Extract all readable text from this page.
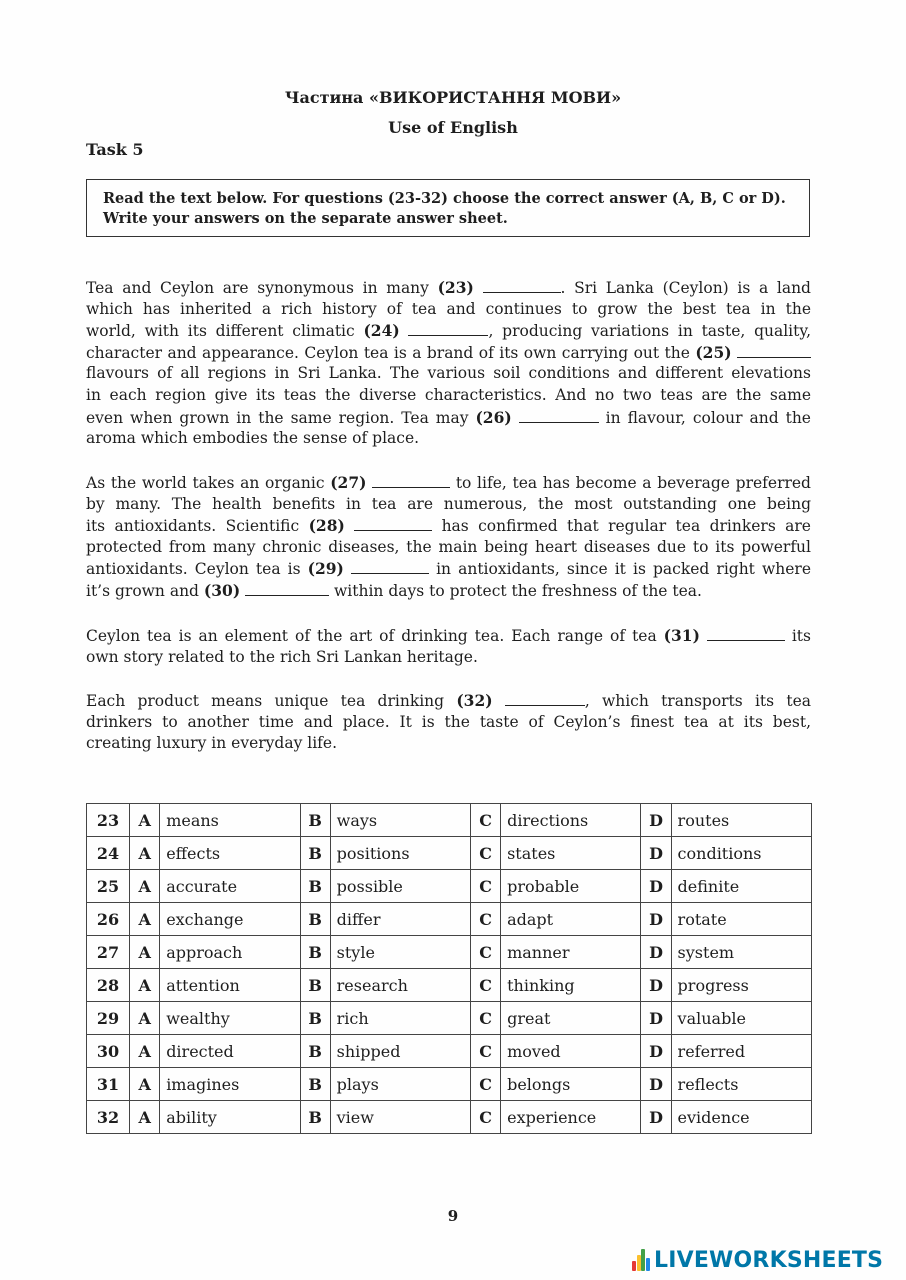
Частина «ВИКОРИСТАННЯ МОВИ»
Use of English
Task 5
Read the text below. For questions (23-32) choose the correct answer (A, B, C or D).
Write your answers on the separate answer sheet.
Tea and Ceylon are synonymous in many (23)	. Sri Lanka (Ceylon) is a land
which has inherited a rich history of tea and continues to grow the best tea in the
world, with its different climatic (24)	, producing variations in taste, quality,
character and appearance. Ceylon tea is a brand of its own carrying out the (25)
flavours of all regions in Sri Lanka. The various soil conditions and different elevations
in each region give its teas the diverse characteristics. And no two teas are the same
even when grown in the same region. Tea may (26)	in flavour, colour and the
aroma which embodies the sense of place.
As the world takes an organic (27)	to life, tea has become a beverage preferred
by many. The health benefits in tea are numerous, the most outstanding one being
its antioxidants. Scientific (28)	has confirmed that regular tea drinkers are
protected from many chronic diseases, the main being heart diseases due to its powerful
antioxidants. Ceylon tea is (29)	in antioxidants, since it is packed right where
it’s grown and (30)	within days to protect the freshness of the tea.
Ceylon tea is an element of the art of drinking tea. Each range of tea (31)	its
own story related to the rich Sri Lankan heritage.
Each product means unique tea drinking (32)	, which transports its tea
drinkers to another time and place. It is the taste of Ceylon’s finest tea at its best,
creating luxury in everyday life.
23	A	means	B	ways	C	directions	D	routes
24	A	effects	B	positions	C	states	D	conditions
25	A	accurate	B	possible	C	probable	D	definite
26	A	exchange	B	differ	C	adapt	D	rotate
27	A	approach	B	style	C	manner	D	system
28	A	attention	B	research	C	thinking	D	progress
29	A	wealthy	B	rich	C	great	D	valuable
30	A	directed	B	shipped	C	moved	D	referred
31	A	imagines	B	plays	C	belongs	D	reflects
32	A	ability	B	view	C	experience	D	evidence
9
LIVEWORKSHEETS
